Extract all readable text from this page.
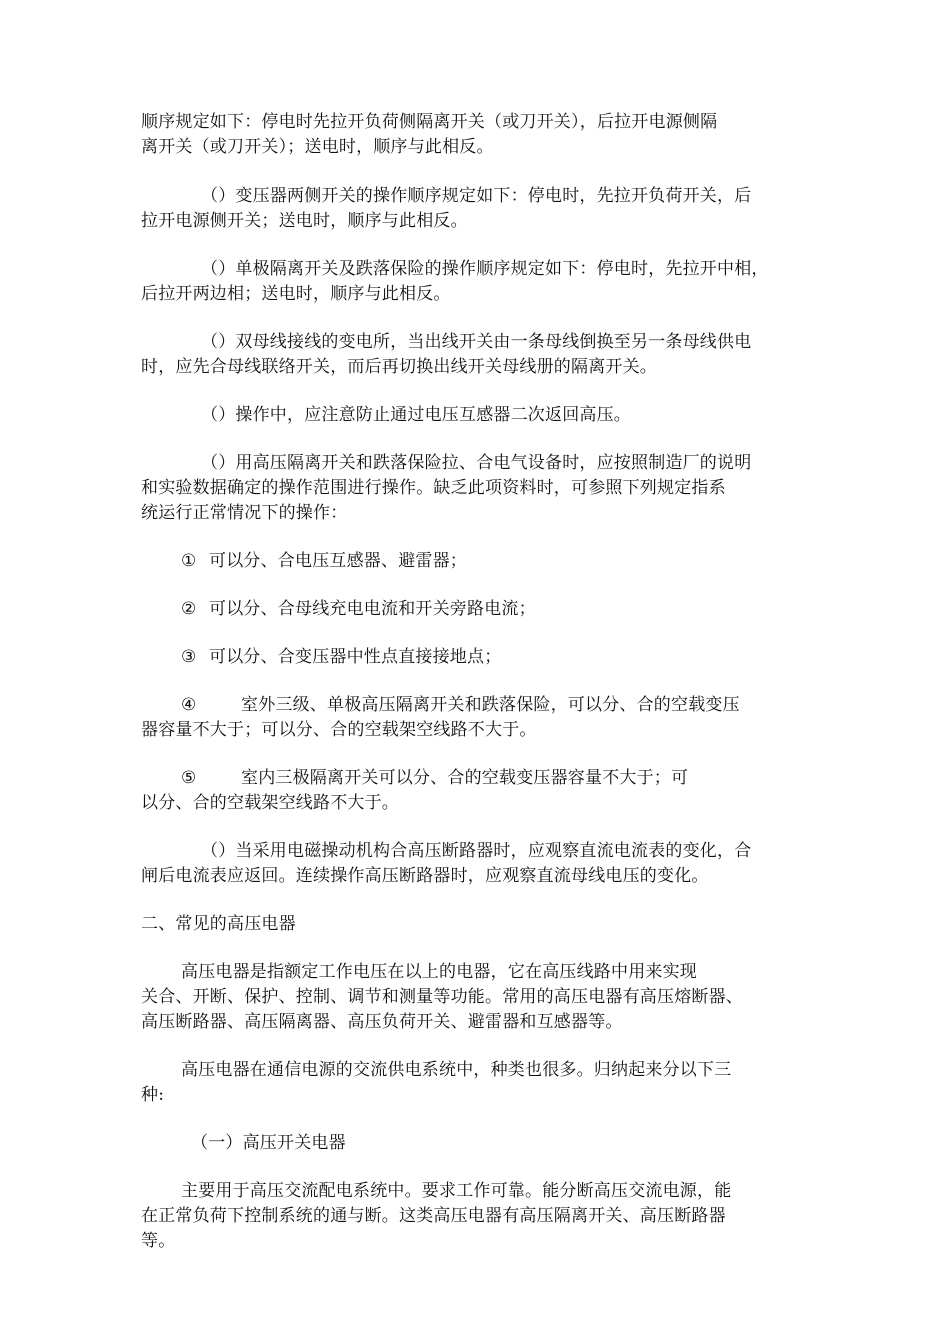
顺序规定如下：停电时先拉开负荷侧隔离开关（或刀开关），后拉开电源侧隔
离开关（或刀开关）；送电时，顺序与此相反。
（）变压器两侧开关的操作顺序规定如下：停电时，先拉开负荷开关，后
拉开电源侧开关；送电时，顺序与此相反。
（）单极隔离开关及跌落保险的操作顺序规定如下：停电时，先拉开中相，
后拉开两边相；送电时，顺序与此相反。
（）双母线接线的变电所，当出线开关由一条母线倒换至另一条母线供电
时，应先合母线联络开关，而后再切换出线开关母线册的隔离开关。
（）操作中，应注意防止通过电压互感器二次返回高压。
（）用高压隔离开关和跌落保险拉、合电气设备时，应按照制造厂的说明
和实验数据确定的操作范围进行操作。缺乏此项资料时，可参照下列规定指系
统运行正常情况下的操作：
① 可以分、合电压互感器、避雷器；
② 可以分、合母线充电电流和开关旁路电流；
③ 可以分、合变压器中性点直接接地点；
④	室外三级、单极高压隔离开关和跌落保险，可以分、合的空载变压
器容量不大于；可以分、合的空载架空线路不大于。
⑤	室内三极隔离开关可以分、合的空载变压器容量不大于；可
以分、合的空载架空线路不大于。
（）当采用电磁操动机构合高压断路器时，应观察直流电流表的变化，合
闸后电流表应返回。连续操作高压断路器时，应观察直流母线电压的变化。
二、常见的高压电器
高压电器是指额定工作电压在以上的电器，它在高压线路中用来实现
关合、开断、保护、控制、调节和测量等功能。常用的高压电器有高压熔断器、
高压断路器、高压隔离器、高压负荷开关、避雷器和互感器等。
高压电器在通信电源的交流供电系统中，种类也很多。归纳起来分以下三
种:
（一）高压开关电器
主要用于高压交流配电系统中。要求工作可靠。能分断高压交流电源，能
在正常负荷下控制系统的通与断。这类高压电器有高压隔离开关、高压断路器
等。
